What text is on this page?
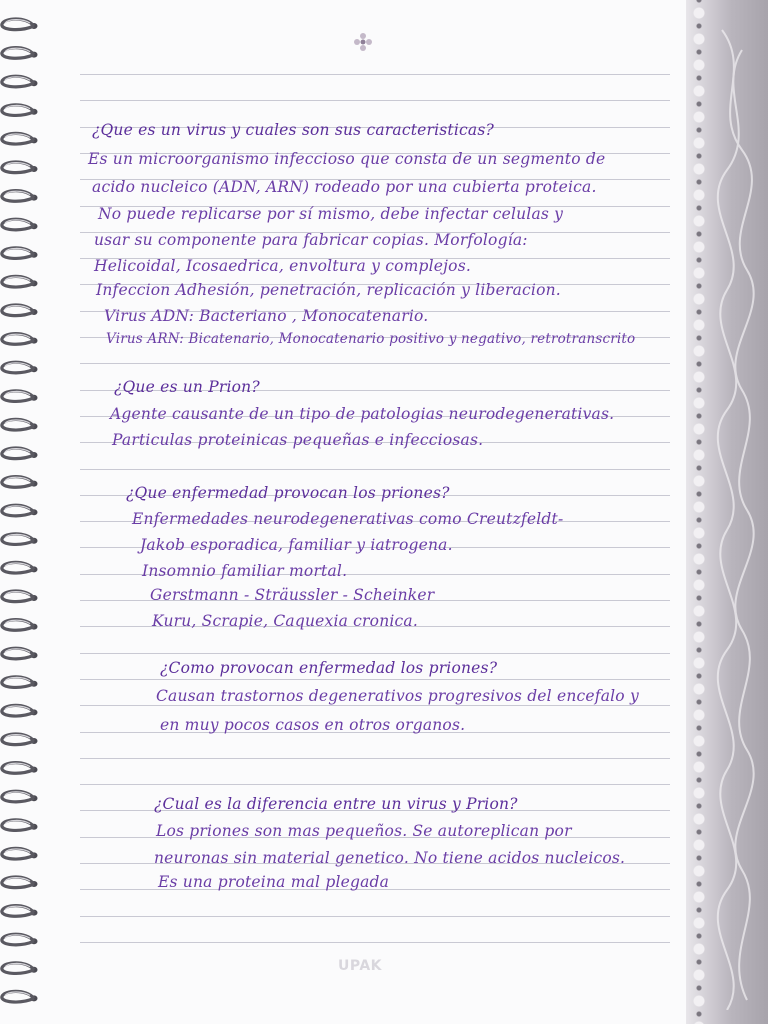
¿Que es un virus y cuales son sus caracteristicas?
Es un microorganismo infeccioso que consta de un segmento de
acido nucleico (ADN, ARN) rodeado por una cubierta proteica.
No puede replicarse por sí mismo, debe infectar celulas y
usar su componente para fabricar copias. Morfología:
Helicoidal, Icosaedrica, envoltura y complejos.
Infeccion Adhesión, penetración, replicación y liberacion.
Virus ADN: Bacteriano , Monocatenario.
Virus ARN: Bicatenario, Monocatenario positivo y negativo, retrotranscrito
¿Que es un Prion?
Agente causante de un tipo de patologias neurodegenerativas.
Particulas proteinicas pequeñas e infecciosas.
¿Que enfermedad provocan los priones?
Enfermedades neurodegenerativas como Creutzfeldt-
Jakob esporadica, familiar y iatrogena.
Insomnio familiar mortal.
Gerstmann - Sträussler - Scheinker
Kuru, Scrapie, Caquexia cronica.
¿Como provocan enfermedad los priones?
Causan trastornos degenerativos progresivos del encefalo y
en muy pocos casos en otros organos.
¿Cual es la diferencia entre un virus y Prion?
Los priones son mas pequeños. Se autoreplican por
neuronas sin material genetico. No tiene acidos nucleicos.
Es una proteina mal plegada
UPAK
